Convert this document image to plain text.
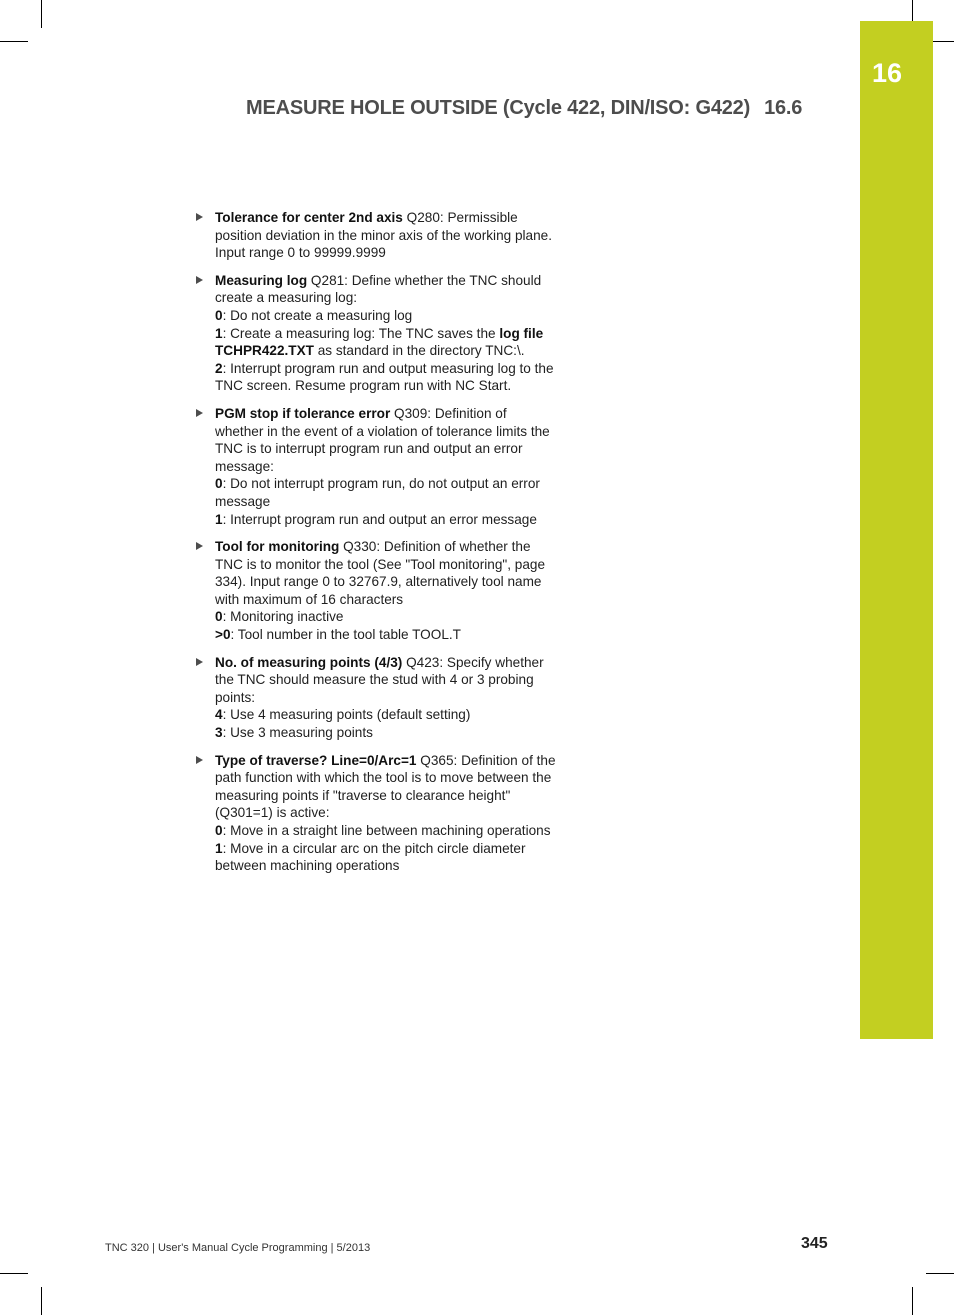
16
MEASURE HOLE OUTSIDE (Cycle 422, DIN/ISO: G422) 16.6
Tolerance for center 2nd axis Q280: Permissible position deviation in the minor axis of the working plane. Input range 0 to 99999.9999
Measuring log Q281: Define whether the TNC should create a measuring log:
0: Do not create a measuring log
1: Create a measuring log: The TNC saves the log file TCHPR422.TXT as standard in the directory TNC:\.
2: Interrupt program run and output measuring log to the TNC screen. Resume program run with NC Start.
PGM stop if tolerance error Q309: Definition of whether in the event of a violation of tolerance limits the TNC is to interrupt program run and output an error message:
0: Do not interrupt program run, do not output an error message
1: Interrupt program run and output an error message
Tool for monitoring Q330: Definition of whether the TNC is to monitor the tool (See "Tool monitoring", page 334). Input range 0 to 32767.9, alternatively tool name with maximum of 16 characters
0: Monitoring inactive
>0: Tool number in the tool table TOOL.T
No. of measuring points (4/3) Q423: Specify whether the TNC should measure the stud with 4 or 3 probing points:
4: Use 4 measuring points (default setting)
3: Use 3 measuring points
Type of traverse? Line=0/Arc=1 Q365: Definition of the path function with which the tool is to move between the measuring points if "traverse to clearance height" (Q301=1) is active:
0: Move in a straight line between machining operations
1: Move in a circular arc on the pitch circle diameter between machining operations
TNC 320 | User's Manual Cycle Programming | 5/2013	345
